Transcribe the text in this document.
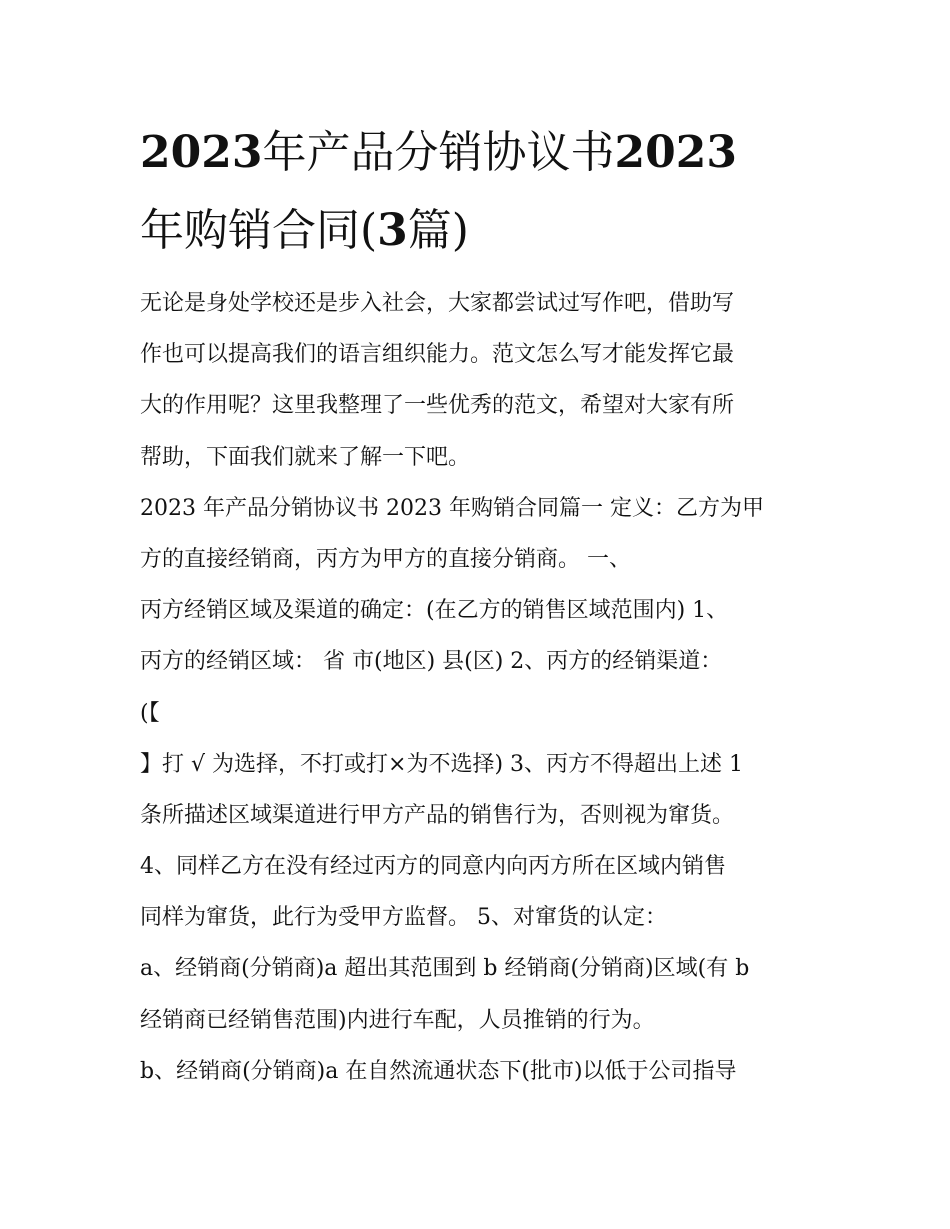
2023年产品分销协议书2023
年购销合同(3篇)
无论是身处学校还是步入社会，大家都尝试过写作吧，借助写
作也可以提高我们的语言组织能力。范文怎么写才能发挥它最
大的作用呢？这里我整理了一些优秀的范文，希望对大家有所
帮助，下面我们就来了解一下吧。
2023 年产品分销协议书 2023 年购销合同篇一 定义：乙方为甲
方的直接经销商，丙方为甲方的直接分销商。 一、
丙方经销区域及渠道的确定：(在乙方的销售区域范围内) 1、
丙方的经销区域： 省 市(地区) 县(区) 2、丙方的经销渠道：
(【
】打 √ 为选择，不打或打×为不选择) 3、丙方不得超出上述 1
条所描述区域渠道进行甲方产品的销售行为，否则视为窜货。
4、同样乙方在没有经过丙方的同意内向丙方所在区域内销售
同样为窜货，此行为受甲方监督。 5、对窜货的认定：
a、经销商(分销商)a 超出其范围到 b 经销商(分销商)区域(有 b
经销商已经销售范围)内进行车配，人员推销的行为。
b、经销商(分销商)a 在自然流通状态下(批市)以低于公司指导
